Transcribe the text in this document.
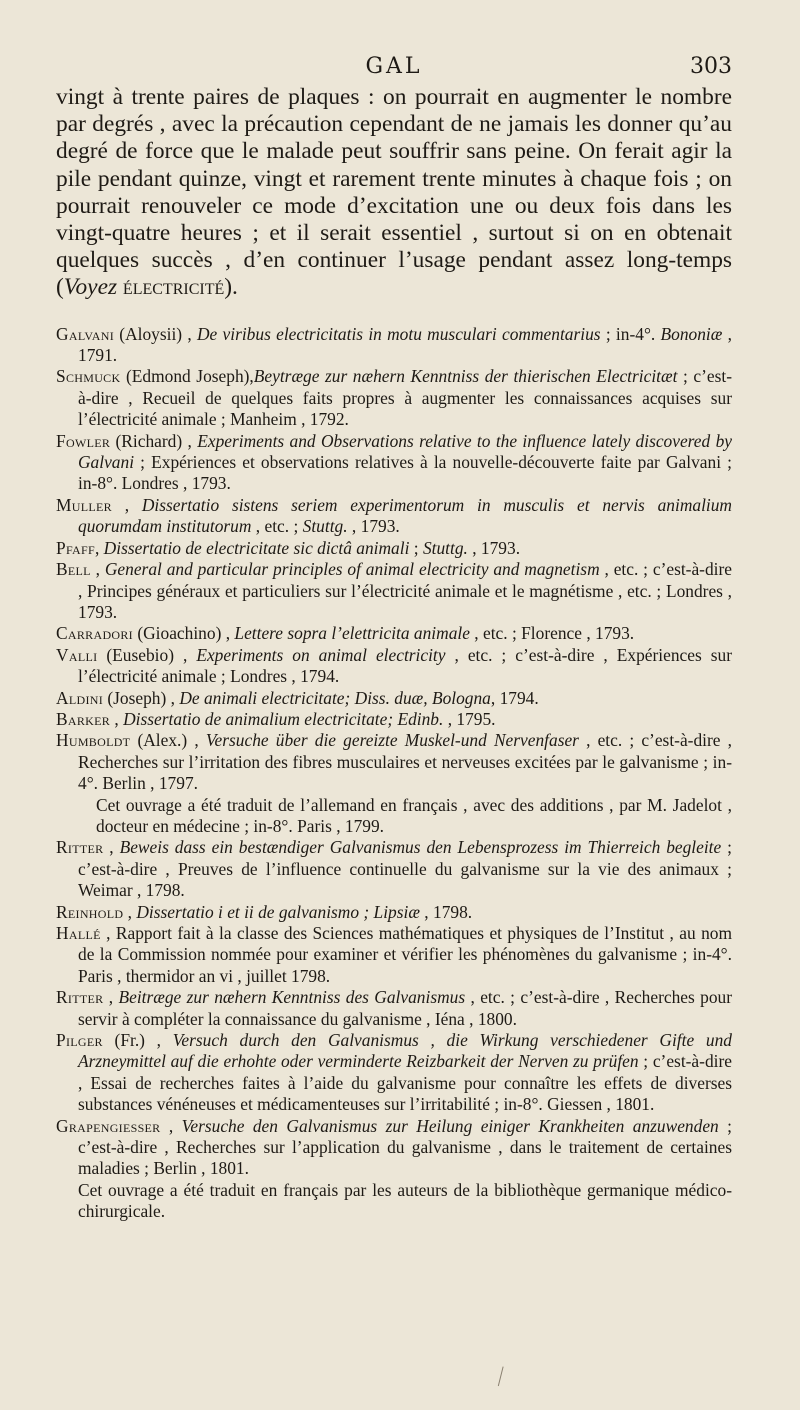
GAL	303

vingt à trente paires de plaques : on pourrait en augmenter le nombre par degrés , avec la précaution cependant de ne jamais les donner qu’au degré de force que le malade peut souffrir sans peine. On ferait agir la pile pendant quinze, vingt et rarement trente minutes à chaque fois ; on pourrait renouveler ce mode d’excitation une ou deux fois dans les vingt-quatre heures ; et il serait essentiel , surtout si on en obtenait quelques succès , d’en continuer l’usage pendant assez long-temps (Voyez électricité).

Galvani (Aloysii) , De viribus electricitatis in motu musculari commentarius ; in-4°. Bononiæ , 1791.

Schmuck (Edmond Joseph),Beytræge zur næhern Kenntniss der thierischen Electricitæt ; c’est-à-dire , Recueil de quelques faits propres à augmenter les connaissances acquises sur l’électricité animale ; Manheim , 1792.

Fowler (Richard) , Experiments and Observations relative to the influence lately discovered by Galvani ; Expériences et observations relatives à la nouvelle-découverte faite par Galvani ; in-8°. Londres , 1793.

Muller , Dissertatio sistens seriem experimentorum in musculis et nervis animalium quorumdam institutorum , etc. ; Stuttg. , 1793.

Pfaff, Dissertatio de electricitate sic dictâ animali ; Stuttg. , 1793.

Bell , General and particular principles of animal electricity and magnetism , etc. ; c’est-à-dire , Principes généraux et particuliers sur l’électricité animale et le magnétisme , etc. ; Londres , 1793.

Carradori (Gioachino) , Lettere sopra l’elettricita animale , etc. ; Florence , 1793.

Valli (Eusebio) , Experiments on animal electricity , etc. ; c’est-à-dire , Expériences sur l’électricité animale ; Londres , 1794.

Aldini (Joseph) , De animali electricitate; Diss. duæ, Bologna, 1794.

Barker , Dissertatio de animalium electricitate; Edinb. , 1795.

Humboldt (Alex.) , Versuche über die gereizte Muskel-und Nervenfaser , etc. ; c’est-à-dire , Recherches sur l’irritation des fibres musculaires et nerveuses excitées par le galvanisme ; in-4°. Berlin , 1797.

Cet ouvrage a été traduit de l’allemand en français , avec des additions , par M. Jadelot , docteur en médecine ; in-8°. Paris , 1799.

Ritter , Beweis dass ein bestændiger Galvanismus den Lebensprozess im Thierreich begleite ; c’est-à-dire , Preuves de l’influence continuelle du galvanisme sur la vie des animaux ; Weimar , 1798.

Reinhold , Dissertatio i et ii de galvanismo ; Lipsiæ , 1798.

Hallé , Rapport fait à la classe des Sciences mathématiques et physiques de l’Institut , au nom de la Commission nommée pour examiner et vérifier les phénomènes du galvanisme ; in-4°. Paris , thermidor an vi , juillet 1798.

Ritter , Beitræge zur næhern Kenntniss des Galvanismus , etc. ; c’est-à-dire , Recherches pour servir à compléter la connaissance du galvanisme , Iéna , 1800.

Pilger (Fr.) , Versuch durch den Galvanismus , die Wirkung verschiedener Gifte und Arzneymittel auf die erhohte oder verminderte Reizbarkeit der Nerven zu prüfen ; c’est-à-dire , Essai de recherches faites à l’aide du galvanisme pour connaître les effets de diverses substances vénéneuses et médicamenteuses sur l’irritabilité ; in-8°. Giessen , 1801.

Grapengiesser , Versuche den Galvanismus zur Heilung einiger Krankheiten anzuwenden ; c’est-à-dire , Recherches sur l’application du galvanisme , dans le traitement de certaines maladies ; Berlin , 1801.

Cet ouvrage a été traduit en français par les auteurs de la bibliothèque germanique médico-chirurgicale.
